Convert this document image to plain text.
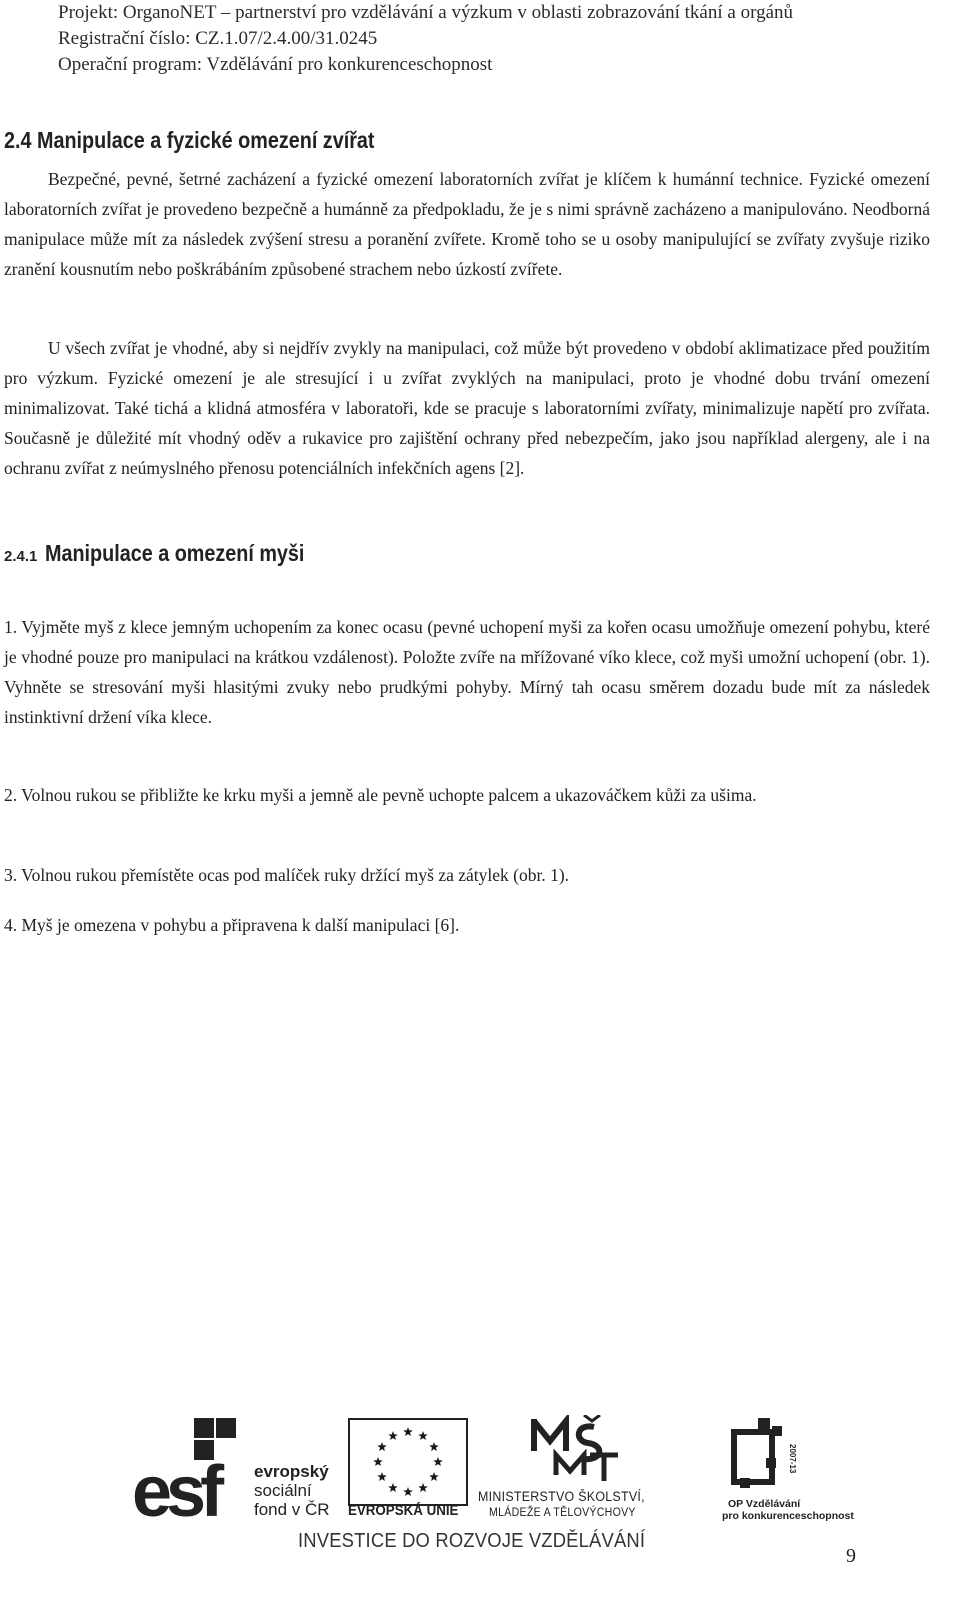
Projekt: OrganoNET – partnerství pro vzdělávání a výzkum v oblasti zobrazování tkání a orgánů
Registrační číslo: CZ.1.07/2.4.00/31.0245
Operační program: Vzdělávání pro konkurenceschopnost
2.4 Manipulace a fyzické omezení zvířat

Bezpečné, pevné, šetrné zacházení a fyzické omezení laboratorních zvířat je klíčem k humánní technice. Fyzické omezení laboratorních zvířat je provedeno bezpečně a humánně za předpokladu, že je s nimi správně zacházeno a manipulováno. Neodborná manipulace může mít za následek zvýšení stresu a poranění zvířete. Kromě toho se u osoby manipulující se zvířaty zvyšuje riziko zranění kousnutím nebo poškrábáním způsobené strachem nebo úzkostí zvířete.

U všech zvířat je vhodné, aby si nejdřív zvykly na manipulaci, což může být provedeno v období aklimatizace před použitím pro výzkum. Fyzické omezení je ale stresující i u zvířat zvyklých na manipulaci, proto je vhodné dobu trvání omezení minimalizovat. Také tichá a klidná atmosféra v laboratoři, kde se pracuje s laboratorními zvířaty, minimalizuje napětí pro zvířata. Současně je důležité mít vhodný oděv a rukavice pro zajištění ochrany před nebezpečím, jako jsou například alergeny, ale i na ochranu zvířat z neúmyslného přenosu potenciálních infekčních agens [2].

2.4.1 Manipulace a omezení myši

1. Vyjměte myš z klece jemným uchopením za konec ocasu (pevné uchopení myši za kořen ocasu umožňuje omezení pohybu, které je vhodné pouze pro manipulaci na krátkou vzdálenost). Položte zvíře na mřížované víko klece, což myši umožní uchopení (obr. 1). Vyhněte se stresování myši hlasitými zvuky nebo prudkými pohyby. Mírný tah ocasu směrem dozadu bude mít za následek instinktivní držení víka klece.

2. Volnou rukou se přibližte ke krku myši a jemně ale pevně uchopte palcem a ukazováčkem kůži za ušima.

3. Volnou rukou přemístěte ocas pod malíček ruky držící myš za zátylek (obr. 1).

4. Myš je omezena v pohybu a připravena k další manipulaci [6].

esf	evropský
sociální
fond v ČR EVROPSKÁ UNIE
MINISTERSTVO ŠKOLSTVÍ,
MLÁDEŽE A TĚLOVÝCHOVY
2007-13
OP Vzdělávání
pro konkurenceschopnost
INVESTICE DO ROZVOJE VZDĚLÁVÁNÍ
9
